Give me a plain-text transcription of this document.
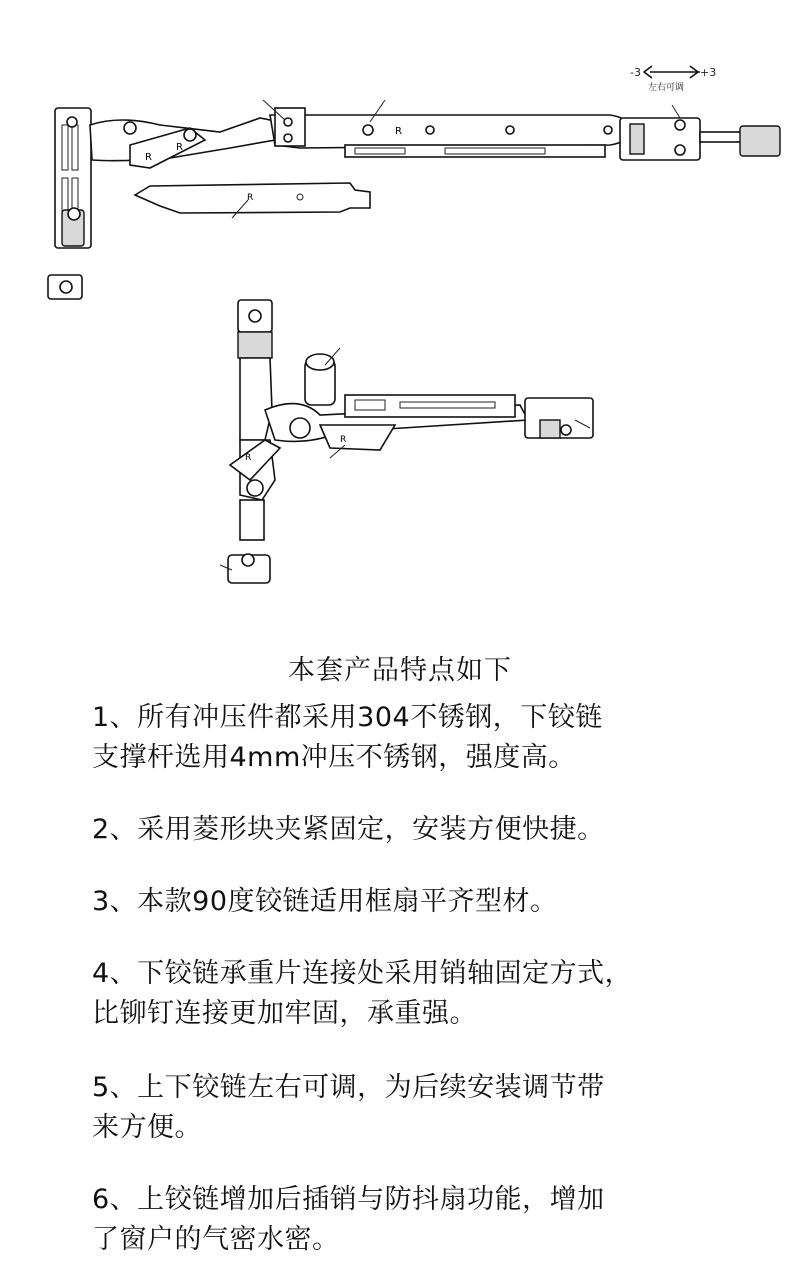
R
R
R
R
-3	+3
左右可调
R
R
本套产品特点如下
1、所有冲压件都采用304不锈钢，下铰链
支撑杆选用4mm冲压不锈钢，强度高。
2、采用菱形块夹紧固定，安装方便快捷。
3、本款90度铰链适用框扇平齐型材。
4、下铰链承重片连接处采用销轴固定方式，
比铆钉连接更加牢固，承重强。
5、上下铰链左右可调，为后续安装调节带
来方便。
6、上铰链增加后插销与防抖扇功能，增加
了窗户的气密水密。
